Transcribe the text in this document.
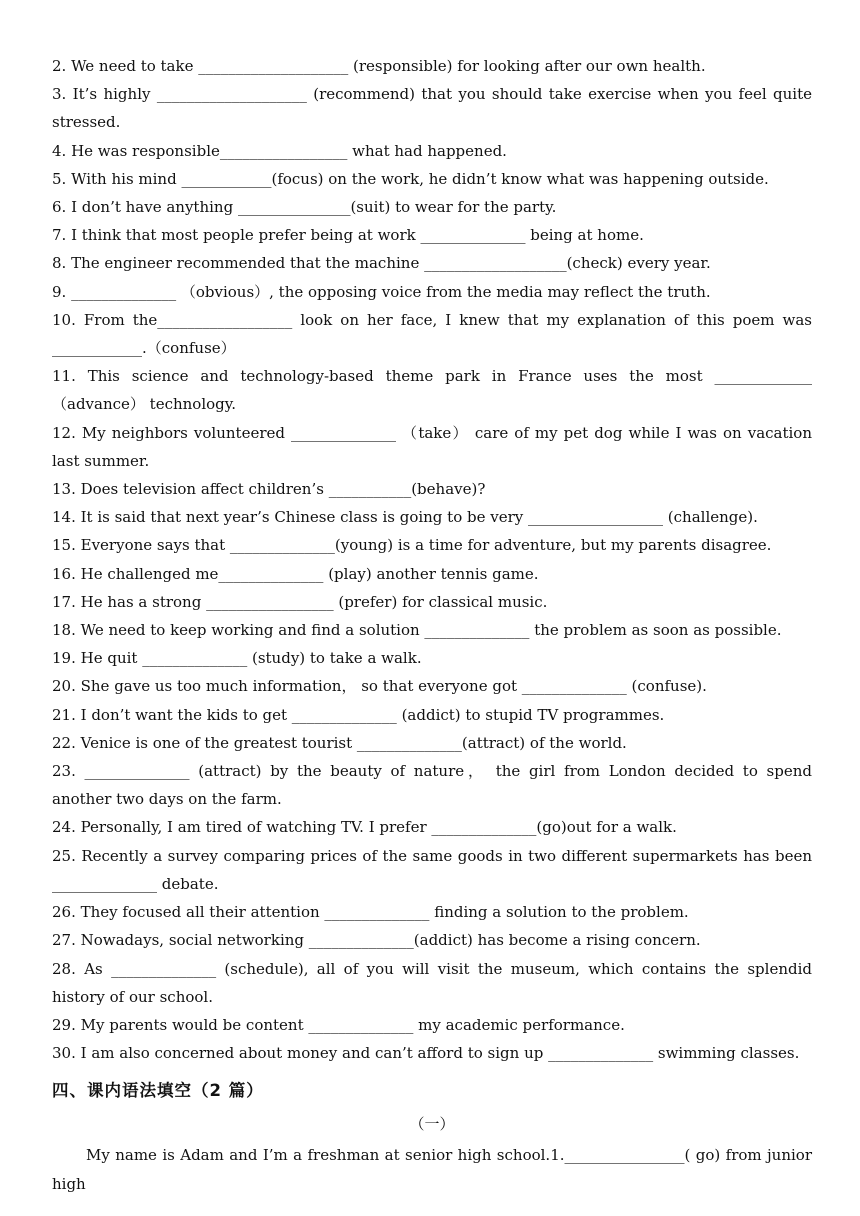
2. We need to take ____________________ (responsible) for looking after our own health.

3. It’s highly ____________________ (recommend) that you should take exercise when you feel quite stressed.

4. He was responsible_________________ what had happened.

5. With his mind ____________(focus) on the work, he didn’t know what was happening outside.

6. I don’t have anything _______________(suit) to wear for the party.

7. I think that most people prefer being at work ______________ being at home.

8. The engineer recommended that the machine ___________________(check) every year.

9. ______________ （obvious）, the opposing voice from the media may reflect the truth.

10. From the__________________ look on her face, I knew that my explanation of this poem was ____________.（confuse）

11. This science and technology-based theme park in France uses the most _____________ （advance） technology.

12. My neighbors volunteered ______________ （take） care of my pet dog while I was on vacation last summer.

13. Does television affect children’s ___________(behave)?

14. It is said that next year’s Chinese class is going to be very __________________ (challenge).

15. Everyone says that ______________(young) is a time for adventure, but my parents disagree.

16. He challenged me______________ (play) another tennis game.

17. He has a strong _________________ (prefer) for classical music.

18. We need to keep working and find a solution ______________ the problem as soon as possible.

19. He quit ______________ (study) to take a walk.

20. She gave us too much information， so that everyone got ______________ (confuse).

21. I don’t want the kids to get ______________ (addict) to stupid TV programmes.

22. Venice is one of the greatest tourist ______________(attract) of the world.

23. ______________ (attract) by the beauty of nature， the girl from London decided to spend another two days on the farm.

24. Personally, I am tired of watching TV. I prefer ______________(go)out for a walk.

25. Recently a survey comparing prices of the same goods in two different supermarkets has been ______________ debate.

26. They focused all their attention ______________ finding a solution to the problem.

27. Nowadays, social networking ______________(addict) has become a rising concern.

28. As ______________ (schedule), all of you will visit the museum, which contains the splendid history of our school.

29. My parents would be content ______________ my academic performance.

30. I am also concerned about money and can’t afford to sign up ______________ swimming classes.

四、课内语法填空（2 篇）
（一）

My name is Adam and I’m a freshman at senior high school.1.________________( go) from junior high
